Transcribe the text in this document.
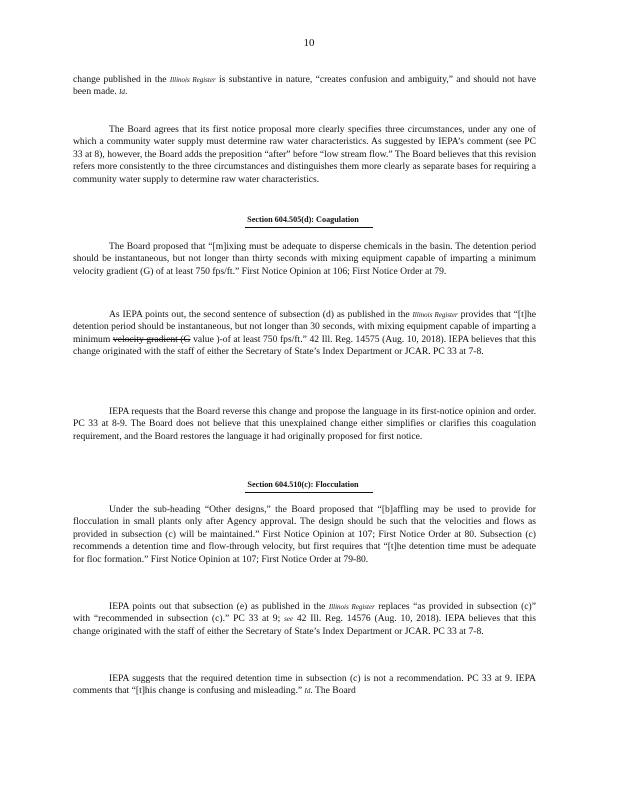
10

change published in the Illinois Register is substantive in nature, “creates confusion and ambiguity,” and should not have been made. Id.

The Board agrees that its first notice proposal more clearly specifies three circumstances, under any one of which a community water supply must determine raw water characteristics. As suggested by IEPA’s comment (see PC 33 at 8), however, the Board adds the preposition “after” before “low stream flow.” The Board believes that this revision refers more consistently to the three circumstances and distinguishes them more clearly as separate bases for requiring a community water supply to determine raw water characteristics.

Section 604.505(d): Coagulation

The Board proposed that “[m]ixing must be adequate to disperse chemicals in the basin. The detention period should be instantaneous, but not longer than thirty seconds with mixing equipment capable of imparting a minimum velocity gradient (G) of at least 750 fps/ft.” First Notice Opinion at 106; First Notice Order at 79.

As IEPA points out, the second sentence of subsection (d) as published in the Illinois Register provides that “[t]he detention period should be instantaneous, but not longer than 30 seconds, with mixing equipment capable of imparting a minimum velocity gradient (G value )-of at least 750 fps/ft.” 42 Ill. Reg. 14575 (Aug. 10, 2018). IEPA believes that this change originated with the staff of either the Secretary of State’s Index Department or JCAR. PC 33 at 7-8.

IEPA requests that the Board reverse this change and propose the language in its first-notice opinion and order. PC 33 at 8-9. The Board does not believe that this unexplained change either simplifies or clarifies this coagulation requirement, and the Board restores the language it had originally proposed for first notice.

Section 604.510(c): Flocculation

Under the sub-heading “Other designs,” the Board proposed that “[b]affling may be used to provide for flocculation in small plants only after Agency approval. The design should be such that the velocities and flows as provided in subsection (c) will be maintained.” First Notice Opinion at 107; First Notice Order at 80. Subsection (c) recommends a detention time and flow-through velocity, but first requires that “[t]he detention time must be adequate for floc formation.” First Notice Opinion at 107; First Notice Order at 79-80.

IEPA points out that subsection (e) as published in the Illinois Register replaces “as provided in subsection (c)” with “recommended in subsection (c).” PC 33 at 9; see 42 Ill. Reg. 14576 (Aug. 10, 2018). IEPA believes that this change originated with the staff of either the Secretary of State’s Index Department or JCAR. PC 33 at 7-8.

IEPA suggests that the required detention time in subsection (c) is not a recommendation. PC 33 at 9. IEPA comments that “[t]his change is confusing and misleading.” Id. The Board
